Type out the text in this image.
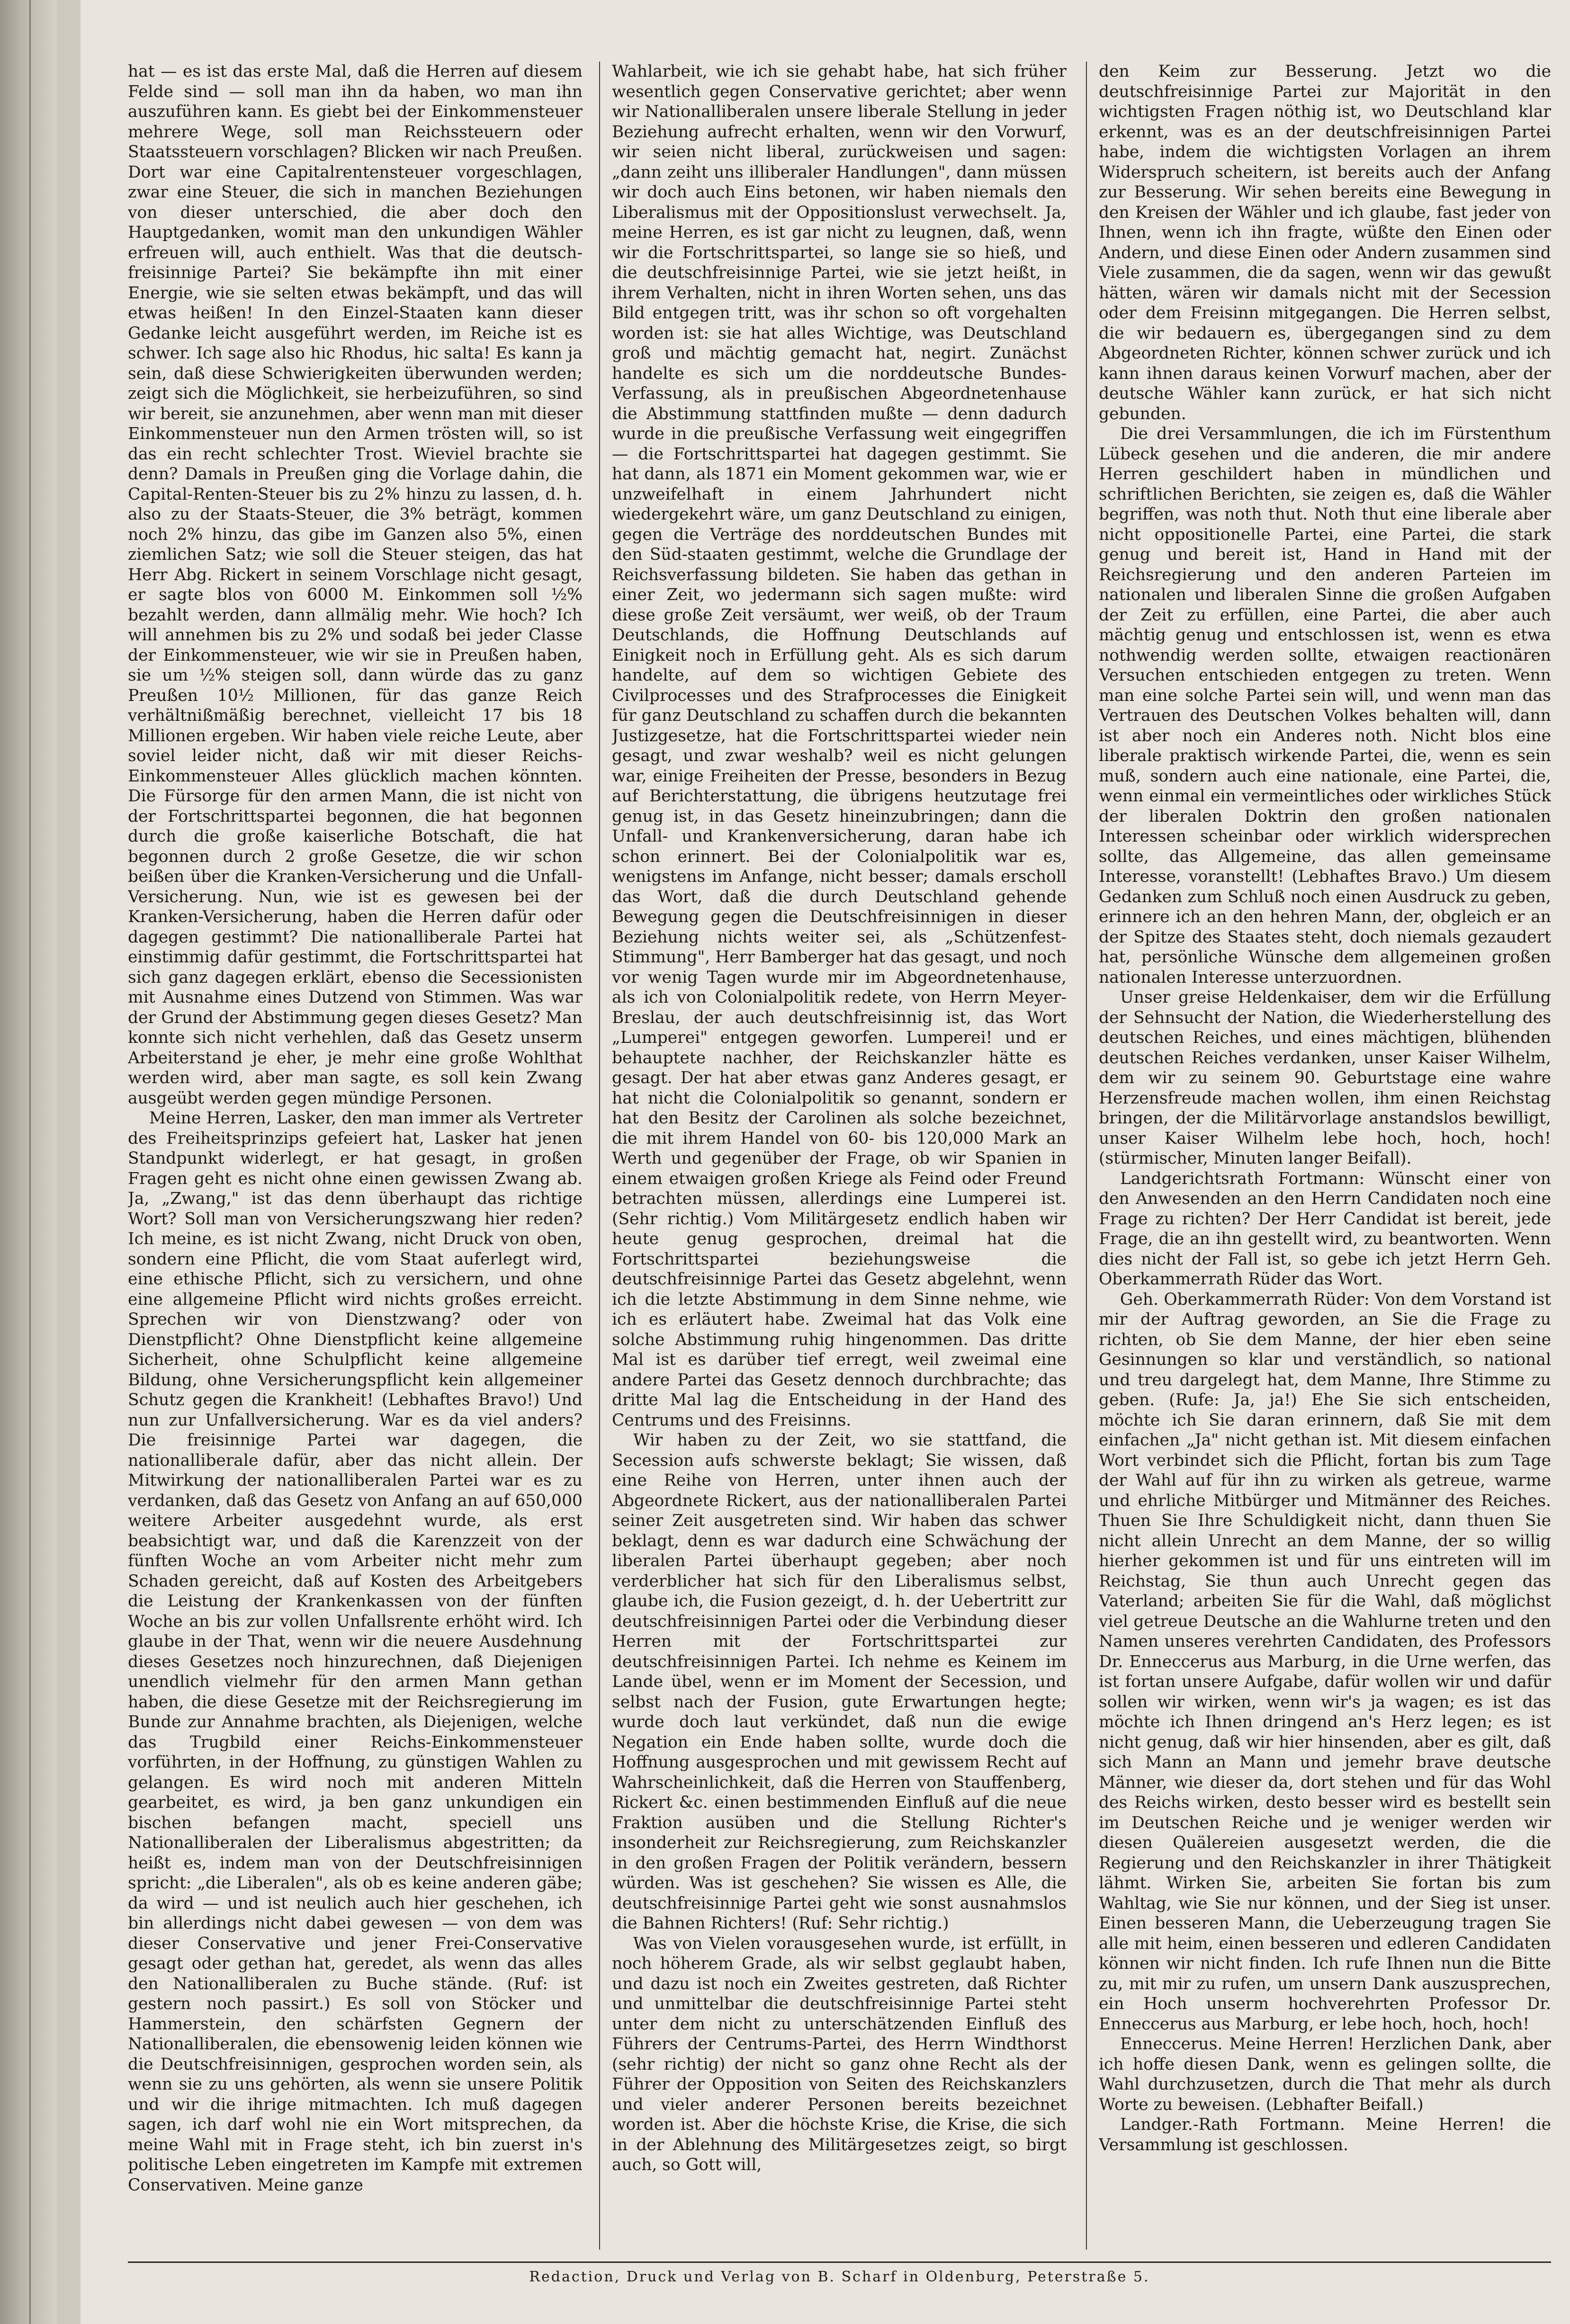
hat — es ist das erste Mal, daß die Herren auf diesem Felde sind — soll man ihn da haben, wo man ihn auszuführen kann. Es giebt bei der Einkommensteuer mehrere Wege, soll man Reichssteuern oder Staatssteuern vorschlagen? Blicken wir nach Preußen. Dort war eine Capitalrentensteuer vorgeschlagen, zwar eine Steuer, die sich in manchen Beziehungen von dieser unterschied, die aber doch den Hauptgedanken, womit man den unkundigen Wähler erfreuen will, auch enthielt. Was that die deutsch-freisinnige Partei? Sie bekämpfte ihn mit einer Energie, wie sie selten etwas bekämpft, und das will etwas heißen! In den Einzel-Staaten kann dieser Gedanke leicht ausgeführt werden, im Reiche ist es schwer. Ich sage also hic Rhodus, hic salta! Es kann ja sein, daß diese Schwierigkeiten überwunden werden; zeigt sich die Möglichkeit, sie herbeizuführen, so sind wir bereit, sie anzunehmen, aber wenn man mit dieser Einkommensteuer nun den Armen trösten will, so ist das ein recht schlechter Trost. Wieviel brachte sie denn? Damals in Preußen ging die Vorlage dahin, die Capital-Renten-Steuer bis zu 2% hinzu zu lassen, d. h. also zu der Staats-Steuer, die 3% beträgt, kommen noch 2% hinzu, das gibe im Ganzen also 5%, einen ziemlichen Satz; wie soll die Steuer steigen, das hat Herr Abg. Rickert in seinem Vorschlage nicht gesagt, er sagte blos von 6000 M. Einkommen soll ½% bezahlt werden, dann allmälig mehr. Wie hoch? Ich will annehmen bis zu 2% und sodaß bei jeder Classe der Einkommensteuer, wie wir sie in Preußen haben, sie um ½% steigen soll, dann würde das zu ganz Preußen 10½ Millionen, für das ganze Reich verhältnißmäßig berechnet, vielleicht 17 bis 18 Millionen ergeben. Wir haben viele reiche Leute, aber soviel leider nicht, daß wir mit dieser Reichs-Einkommensteuer Alles glücklich machen könnten. Die Fürsorge für den armen Mann, die ist nicht von der Fortschrittspartei begonnen, die hat begonnen durch die große kaiserliche Botschaft, die hat begonnen durch 2 große Gesetze, die wir schon beißen über die Kranken-Versicherung und die Unfall-Versicherung. Nun, wie ist es gewesen bei der Kranken-Versicherung, haben die Herren dafür oder dagegen gestimmt? Die nationalliberale Partei hat einstimmig dafür gestimmt, die Fortschrittspartei hat sich ganz dagegen erklärt, ebenso die Secessionisten mit Ausnahme eines Dutzend von Stimmen. Was war der Grund der Abstimmung gegen dieses Gesetz? Man konnte sich nicht verhehlen, daß das Gesetz unserm Arbeiterstand je eher, je mehr eine große Wohlthat werden wird, aber man sagte, es soll kein Zwang ausgeübt werden gegen mündige Personen.

Meine Herren, Lasker, den man immer als Vertreter des Freiheitsprinzips gefeiert hat, Lasker hat jenen Standpunkt widerlegt, er hat gesagt, in großen Fragen geht es nicht ohne einen gewissen Zwang ab. Ja, „Zwang," ist das denn überhaupt das richtige Wort? Soll man von Versicherungszwang hier reden? Ich meine, es ist nicht Zwang, nicht Druck von oben, sondern eine Pflicht, die vom Staat auferlegt wird, eine ethische Pflicht, sich zu versichern, und ohne eine allgemeine Pflicht wird nichts großes erreicht. Sprechen wir von Dienstzwang? oder von Dienstpflicht? Ohne Dienstpflicht keine allgemeine Sicherheit, ohne Schulpflicht keine allgemeine Bildung, ohne Versicherungspflicht kein allgemeiner Schutz gegen die Krankheit! (Lebhaftes Bravo!) Und nun zur Unfallversicherung. War es da viel anders? Die freisinnige Partei war dagegen, die nationalliberale dafür, aber das nicht allein. Der Mitwirkung der nationalliberalen Partei war es zu verdanken, daß das Gesetz von Anfang an auf 650,000 weitere Arbeiter ausgedehnt wurde, als erst beabsichtigt war, und daß die Karenzzeit von der fünften Woche an vom Arbeiter nicht mehr zum Schaden gereicht, daß auf Kosten des Arbeitgebers die Leistung der Krankenkassen von der fünften Woche an bis zur vollen Unfallsrente erhöht wird. Ich glaube in der That, wenn wir die neuere Ausdehnung dieses Gesetzes noch hinzurechnen, daß Diejenigen unendlich vielmehr für den armen Mann gethan haben, die diese Gesetze mit der Reichsregierung im Bunde zur Annahme brachten, als Diejenigen, welche das Trugbild einer Reichs-Einkommensteuer vorführten, in der Hoffnung, zu günstigen Wahlen zu gelangen. Es wird noch mit anderen Mitteln gearbeitet, es wird, ja ben ganz unkundigen ein bischen befangen macht, speciell uns Nationalliberalen der Liberalismus abgestritten; da heißt es, indem man von der Deutschfreisinnigen spricht: „die Liberalen", als ob es keine anderen gäbe; da wird — und ist neulich auch hier geschehen, ich bin allerdings nicht dabei gewesen — von dem was dieser Conservative und jener Frei-Conservative gesagt oder gethan hat, geredet, als wenn das alles den Nationalliberalen zu Buche stände. (Ruf: ist gestern noch passirt.) Es soll von Stöcker und Hammerstein, den schärfsten Gegnern der Nationalliberalen, die ebensowenig leiden können wie die Deutschfreisinnigen, gesprochen worden sein, als wenn sie zu uns gehörten, als wenn sie unsere Politik und wir die ihrige mitmachten. Ich muß dagegen sagen, ich darf wohl nie ein Wort mitsprechen, da meine Wahl mit in Frage steht, ich bin zuerst in's politische Leben eingetreten im Kampfe mit extremen Conservativen. Meine ganze

Wahlarbeit, wie ich sie gehabt habe, hat sich früher wesentlich gegen Conservative gerichtet; aber wenn wir Nationalliberalen unsere liberale Stellung in jeder Beziehung aufrecht erhalten, wenn wir den Vorwurf, wir seien nicht liberal, zurückweisen und sagen: „dann zeiht uns illiberaler Handlungen", dann müssen wir doch auch Eins betonen, wir haben niemals den Liberalismus mit der Oppositionslust verwechselt. Ja, meine Herren, es ist gar nicht zu leugnen, daß, wenn wir die Fortschrittspartei, so lange sie so hieß, und die deutschfreisinnige Partei, wie sie jetzt heißt, in ihrem Verhalten, nicht in ihren Worten sehen, uns das Bild entgegen tritt, was ihr schon so oft vorgehalten worden ist: sie hat alles Wichtige, was Deutschland groß und mächtig gemacht hat, negirt. Zunächst handelte es sich um die norddeutsche Bundes-Verfassung, als in preußischen Abgeordnetenhause die Abstimmung stattfinden mußte — denn dadurch wurde in die preußische Verfassung weit eingegriffen — die Fortschrittspartei hat dagegen gestimmt. Sie hat dann, als 1871 ein Moment gekommen war, wie er unzweifelhaft in einem Jahrhundert nicht wiedergekehrt wäre, um ganz Deutschland zu einigen, gegen die Verträge des norddeutschen Bundes mit den Süd-staaten gestimmt, welche die Grundlage der Reichsverfassung bildeten. Sie haben das gethan in einer Zeit, wo jedermann sich sagen mußte: wird diese große Zeit versäumt, wer weiß, ob der Traum Deutschlands, die Hoffnung Deutschlands auf Einigkeit noch in Erfüllung geht. Als es sich darum handelte, auf dem so wichtigen Gebiete des Civilprocesses und des Strafprocesses die Einigkeit für ganz Deutschland zu schaffen durch die bekannten Justizgesetze, hat die Fortschrittspartei wieder nein gesagt, und zwar weshalb? weil es nicht gelungen war, einige Freiheiten der Presse, besonders in Bezug auf Berichterstattung, die übrigens heutzutage frei genug ist, in das Gesetz hineinzubringen; dann die Unfall- und Krankenversicherung, daran habe ich schon erinnert. Bei der Colonialpolitik war es, wenigstens im Anfange, nicht besser; damals erscholl das Wort, daß die durch Deutschland gehende Bewegung gegen die Deutschfreisinnigen in dieser Beziehung nichts weiter sei, als „Schützenfest-Stimmung", Herr Bamberger hat das gesagt, und noch vor wenig Tagen wurde mir im Abgeordnetenhause, als ich von Colonialpolitik redete, von Herrn Meyer-Breslau, der auch deutschfreisinnig ist, das Wort „Lumperei" entgegen geworfen. Lumperei! und er behauptete nachher, der Reichskanzler hätte es gesagt. Der hat aber etwas ganz Anderes gesagt, er hat nicht die Colonialpolitik so genannt, sondern er hat den Besitz der Carolinen als solche bezeichnet, die mit ihrem Handel von 60- bis 120,000 Mark an Werth und gegenüber der Frage, ob wir Spanien in einem etwaigen großen Kriege als Feind oder Freund betrachten müssen, allerdings eine Lumperei ist. (Sehr richtig.) Vom Militärgesetz endlich haben wir heute genug gesprochen, dreimal hat die Fortschrittspartei beziehungsweise die deutschfreisinnige Partei das Gesetz abgelehnt, wenn ich die letzte Abstimmung in dem Sinne nehme, wie ich es erläutert habe. Zweimal hat das Volk eine solche Abstimmung ruhig hingenommen. Das dritte Mal ist es darüber tief erregt, weil zweimal eine andere Partei das Gesetz dennoch durchbrachte; das dritte Mal lag die Entscheidung in der Hand des Centrums und des Freisinns.

Wir haben zu der Zeit, wo sie stattfand, die Secession aufs schwerste beklagt; Sie wissen, daß eine Reihe von Herren, unter ihnen auch der Abgeordnete Rickert, aus der nationalliberalen Partei seiner Zeit ausgetreten sind. Wir haben das schwer beklagt, denn es war dadurch eine Schwächung der liberalen Partei überhaupt gegeben; aber noch verderblicher hat sich für den Liberalismus selbst, glaube ich, die Fusion gezeigt, d. h. der Uebertritt zur deutschfreisinnigen Partei oder die Verbindung dieser Herren mit der Fortschrittspartei zur deutschfreisinnigen Partei. Ich nehme es Keinem im Lande übel, wenn er im Moment der Secession, und selbst nach der Fusion, gute Erwartungen hegte; wurde doch laut verkündet, daß nun die ewige Negation ein Ende haben sollte, wurde doch die Hoffnung ausgesprochen und mit gewissem Recht auf Wahrscheinlichkeit, daß die Herren von Stauffenberg, Rickert &c. einen bestimmenden Einfluß auf die neue Fraktion ausüben und die Stellung Richter's insonderheit zur Reichsregierung, zum Reichskanzler in den großen Fragen der Politik verändern, bessern würden. Was ist geschehen? Sie wissen es Alle, die deutschfreisinnige Partei geht wie sonst ausnahmslos die Bahnen Richters! (Ruf: Sehr richtig.)

Was von Vielen vorausgesehen wurde, ist erfüllt, in noch höherem Grade, als wir selbst geglaubt haben, und dazu ist noch ein Zweites gestreten, daß Richter und unmittelbar die deutschfreisinnige Partei steht unter dem nicht zu unterschätzenden Einfluß des Führers der Centrums-Partei, des Herrn Windthorst (sehr richtig) der nicht so ganz ohne Recht als der Führer der Opposition von Seiten des Reichskanzlers und vieler anderer Personen bereits bezeichnet worden ist. Aber die höchste Krise, die Krise, die sich in der Ablehnung des Militärgesetzes zeigt, so birgt auch, so Gott will,

den Keim zur Besserung. Jetzt wo die deutschfreisinnige Partei zur Majorität in den wichtigsten Fragen nöthig ist, wo Deutschland klar erkennt, was es an der deutschfreisinnigen Partei habe, indem die wichtigsten Vorlagen an ihrem Widerspruch scheitern, ist bereits auch der Anfang zur Besserung. Wir sehen bereits eine Bewegung in den Kreisen der Wähler und ich glaube, fast jeder von Ihnen, wenn ich ihn fragte, wüßte den Einen oder Andern, und diese Einen oder Andern zusammen sind Viele zusammen, die da sagen, wenn wir das gewußt hätten, wären wir damals nicht mit der Secession oder dem Freisinn mitgegangen. Die Herren selbst, die wir bedauern es, übergegangen sind zu dem Abgeordneten Richter, können schwer zurück und ich kann ihnen daraus keinen Vorwurf machen, aber der deutsche Wähler kann zurück, er hat sich nicht gebunden.

Die drei Versammlungen, die ich im Fürstenthum Lübeck gesehen und die anderen, die mir andere Herren geschildert haben in mündlichen und schriftlichen Berichten, sie zeigen es, daß die Wähler begriffen, was noth thut. Noth thut eine liberale aber nicht oppositionelle Partei, eine Partei, die stark genug und bereit ist, Hand in Hand mit der Reichsregierung und den anderen Parteien im nationalen und liberalen Sinne die großen Aufgaben der Zeit zu erfüllen, eine Partei, die aber auch mächtig genug und entschlossen ist, wenn es etwa nothwendig werden sollte, etwaigen reactionären Versuchen entschieden entgegen zu treten. Wenn man eine solche Partei sein will, und wenn man das Vertrauen des Deutschen Volkes behalten will, dann ist aber noch ein Anderes noth. Nicht blos eine liberale praktisch wirkende Partei, die, wenn es sein muß, sondern auch eine nationale, eine Partei, die, wenn einmal ein vermeintliches oder wirkliches Stück der liberalen Doktrin den großen nationalen Interessen scheinbar oder wirklich widersprechen sollte, das Allgemeine, das allen gemeinsame Interesse, voranstellt! (Lebhaftes Bravo.) Um diesem Gedanken zum Schluß noch einen Ausdruck zu geben, erinnere ich an den hehren Mann, der, obgleich er an der Spitze des Staates steht, doch niemals gezaudert hat, persönliche Wünsche dem allgemeinen großen nationalen Interesse unterzuordnen.

Unser greise Heldenkaiser, dem wir die Erfüllung der Sehnsucht der Nation, die Wiederherstellung des deutschen Reiches, und eines mächtigen, blühenden deutschen Reiches verdanken, unser Kaiser Wilhelm, dem wir zu seinem 90. Geburtstage eine wahre Herzensfreude machen wollen, ihm einen Reichstag bringen, der die Militärvorlage anstandslos bewilligt, unser Kaiser Wilhelm lebe hoch, hoch, hoch! (stürmischer, Minuten langer Beifall).

Landgerichtsrath Fortmann: Wünscht einer von den Anwesenden an den Herrn Candidaten noch eine Frage zu richten? Der Herr Candidat ist bereit, jede Frage, die an ihn gestellt wird, zu beantworten. Wenn dies nicht der Fall ist, so gebe ich jetzt Herrn Geh. Oberkammerrath Rüder das Wort.

Geh. Oberkammerrath Rüder: Von dem Vorstand ist mir der Auftrag geworden, an Sie die Frage zu richten, ob Sie dem Manne, der hier eben seine Gesinnungen so klar und verständlich, so national und treu dargelegt hat, dem Manne, Ihre Stimme zu geben. (Rufe: Ja, ja!) Ehe Sie sich entscheiden, möchte ich Sie daran erinnern, daß Sie mit dem einfachen „Ja" nicht gethan ist. Mit diesem einfachen Wort verbindet sich die Pflicht, fortan bis zum Tage der Wahl auf für ihn zu wirken als getreue, warme und ehrliche Mitbürger und Mitmänner des Reiches. Thuen Sie Ihre Schuldigkeit nicht, dann thuen Sie nicht allein Unrecht an dem Manne, der so willig hierher gekommen ist und für uns eintreten will im Reichstag, Sie thun auch Unrecht gegen das Vaterland; arbeiten Sie für die Wahl, daß möglichst viel getreue Deutsche an die Wahlurne treten und den Namen unseres verehrten Candidaten, des Professors Dr. Enneccerus aus Marburg, in die Urne werfen, das ist fortan unsere Aufgabe, dafür wollen wir und dafür sollen wir wirken, wenn wir's ja wagen; es ist das möchte ich Ihnen dringend an's Herz legen; es ist nicht genug, daß wir hier hinsenden, aber es gilt, daß sich Mann an Mann und jemehr brave deutsche Männer, wie dieser da, dort stehen und für das Wohl des Reichs wirken, desto besser wird es bestellt sein im Deutschen Reiche und je weniger werden wir diesen Quälereien ausgesetzt werden, die die Regierung und den Reichskanzler in ihrer Thätigkeit lähmt. Wirken Sie, arbeiten Sie fortan bis zum Wahltag, wie Sie nur können, und der Sieg ist unser. Einen besseren Mann, die Ueberzeugung tragen Sie alle mit heim, einen besseren und edleren Candidaten können wir nicht finden. Ich rufe Ihnen nun die Bitte zu, mit mir zu rufen, um unsern Dank auszusprechen, ein Hoch unserm hochverehrten Professor Dr. Enneccerus aus Marburg, er lebe hoch, hoch, hoch!

Enneccerus. Meine Herren! Herzlichen Dank, aber ich hoffe diesen Dank, wenn es gelingen sollte, die Wahl durchzusetzen, durch die That mehr als durch Worte zu beweisen. (Lebhafter Beifall.)

Landger.-Rath Fortmann. Meine Herren! die Versammlung ist geschlossen.

Redaction, Druck und Verlag von B. Scharf in Oldenburg, Peterstraße 5.
